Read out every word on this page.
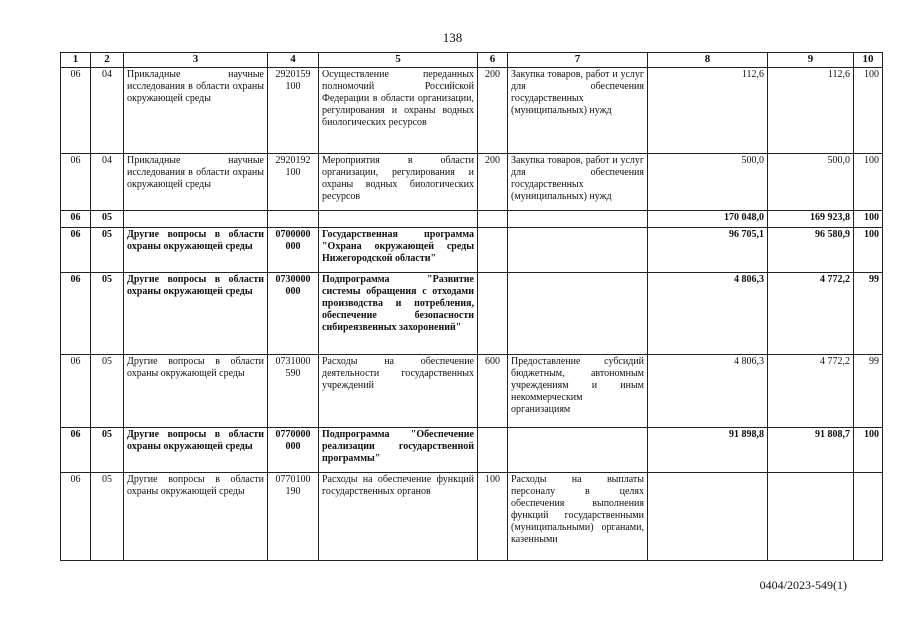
138
1	2	3	4	5	6	7	8	9	10
06	04	Прикладные научные исследования в области охраны окружающей среды	2920159 100	Осуществление переданных полномочий Российской Федерации в области организации, регулирования и охраны водных биологических ресурсов	200	Закупка товаров, работ и услуг для обеспечения государственных (муниципальных) нужд	112,6	112,6	100
06	04	Прикладные научные исследования в области охраны окружающей среды	2920192 100	Мероприятия в области организации, регулирования и охраны водных биологических ресурсов	200	Закупка товаров, работ и услуг для обеспечения государственных (муниципальных) нужд	500,0	500,0	100
06	05						170 048,0	169 923,8	100
06	05	Другие вопросы в области охраны окружающей среды	0700000 000	Государственная программа "Охрана окружающей среды Нижегородской области"			96 705,1	96 580,9	100
06	05	Другие вопросы в области охраны окружающей среды	0730000 000	Подпрограмма "Развитие системы обращения с отходами производства и потребления, обеспечение безопасности сибиреязвенных захоронений"			4 806,3	4 772,2	99
06	05	Другие вопросы в области охраны окружающей среды	0731000 590	Расходы на обеспечение деятельности государственных учреждений	600	Предоставление субсидий бюджетным, автономным учреждениям и иным некоммерческим организациям	4 806,3	4 772,2	99
06	05	Другие вопросы в области охраны окружающей среды	0770000 000	Подпрограмма "Обеспечение реализации государственной программы"			91 898,8	91 808,7	100
06	05	Другие вопросы в области охраны окружающей среды	0770100 190	Расходы на обеспечение функций государственных органов	100	Расходы на выплаты персоналу в целях обеспечения выполнения функций государственными (муниципальными) органами, казенными			
0404/2023-549(1)
